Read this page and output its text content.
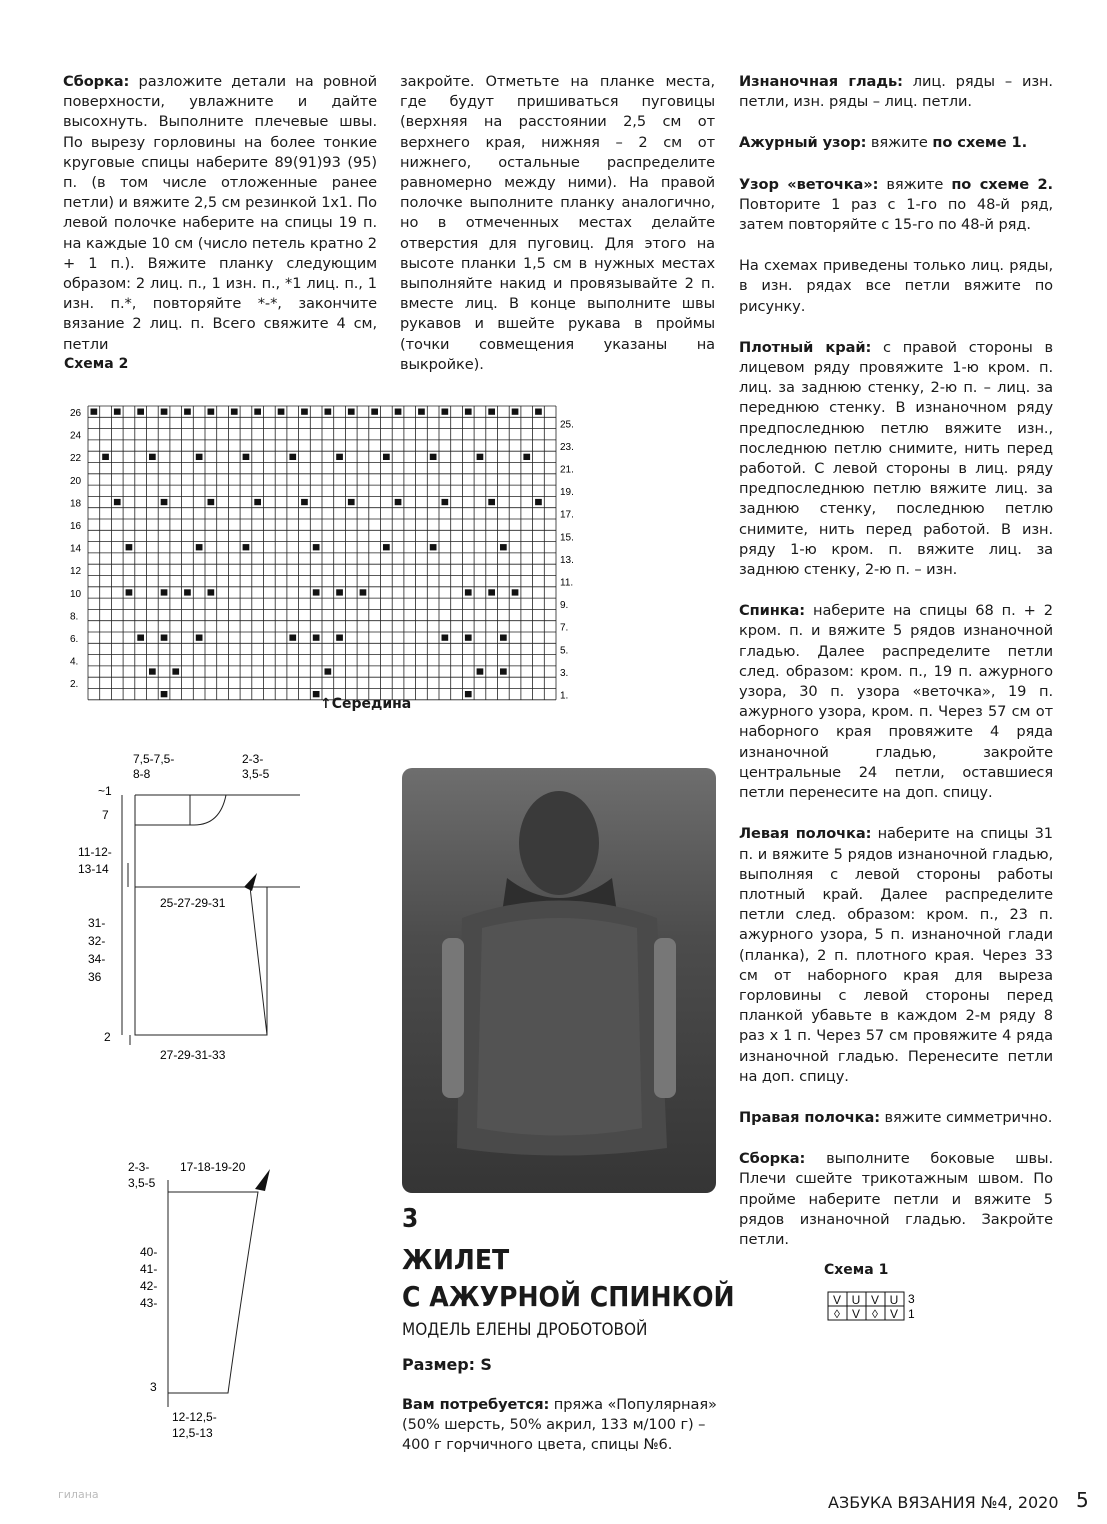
Сборка: разложите детали на ровной поверхности, увлажните и дайте высохнуть. Выполните плечевые швы. По вырезу горловины на более тонкие круговые спицы наберите 89(91)93 (95) п. (в том числе отложенные ранее петли) и вяжите 2,5 см резинкой 1х1. По левой полочке наберите на спицы 19 п. на каждые 10 см (число петель кратно 2 + 1 п.). Вяжите планку следующим образом: 2 лиц. п., 1 изн. п., *1 лиц. п., 1 изн. п.*, повторяйте *-*, закончите вязание 2 лиц. п. Всего свяжите 4 см, петли

закройте. Отметьте на планке места, где будут пришиваться пуговицы (верхняя на расстоянии 2,5 см от верхнего края, нижняя – 2 см от нижнего, остальные распределите равномерно между ними). На правой полочке выполните планку аналогично, но в отмеченных местах делайте отверстия для пуговиц. Для этого на высоте планки 1,5 см в нужных местах выполняйте накид и провязывайте 2 п. вместе лиц. В конце выполните швы рукавов и вшейте рукава в проймы (точки совмещения указаны на выкройке).

Изнаночная гладь: лиц. ряды – изн. петли, изн. ряды – лиц. петли.

Ажурный узор: вяжите по схеме 1.

Узор «веточка»: вяжите по схеме 2. Повторите 1 раз с 1-го по 48-й ряд, затем повторяйте с 15-го по 48-й ряд.

На схемах приведены только лиц. ряды, в изн. рядах все петли вяжите по рисунку.

Плотный край: с правой стороны в лицевом ряду провяжите 1-ю кром. п. лиц. за заднюю стенку, 2-ю п. – лиц. за переднюю стенку. В изнаночном ряду предпоследнюю петлю вяжите изн., последнюю петлю снимите, нить перед работой. С левой стороны в лиц. ряду предпоследнюю петлю вяжите лиц. за заднюю стенку, последнюю петлю снимите, нить перед работой. В изн. ряду 1-ю кром. п. вяжите лиц. за заднюю стенку, 2-ю п. – изн.

Спинка: наберите на спицы 68 п. + 2 кром. п. и вяжите 5 рядов изнаночной гладью. Далее распределите петли след. образом: кром. п., 19 п. ажурного узора, 30 п. узора «веточка», 19 п. ажурного узора, кром. п. Через 57 см от наборного края провяжите 4 ряда изнаночной гладью, закройте центральные 24 петли, оставшиеся петли перенесите на доп. спицу.

Левая полочка: наберите на спицы 31 п. и вяжите 5 рядов изнаночной гладью, выполняя с левой стороны работы плотный край. Далее распределите петли след. образом: кром. п., 23 п. ажурного узора, 5 п. изнаночной глади (планка), 2 п. плотного края. Через 33 см от наборного края для выреза горловины с левой стороны перед планкой убавьте в каждом 2-м ряду 8 раз х 1 п. Через 57 см провяжите 4 ряда изнаночной гладью. Перенесите петли на доп. спицу.

Правая полочка: вяжите симметрично.

Сборка: выполните боковые швы. Плечи сшейте трикотажным швом. По пройме наберите петли и вяжите 5 рядов изнаночной гладью. Закройте петли.

Схема 2
26
24
22
20
18
16
14
12
10
8.
6.
4.
2.
25.
23.
21.
19.
17.
15.
13.
11.
9.
7.
5.
3.
1.
↑Середина
7,5-7,5-
8-8
2-3-
3,5-5
~1
7
11-12-
13-14
25-27-29-31
31-
32-
34-
36
2
27-29-31-33
2-3-
3,5-5
17-18-19-20
40-
41-
42-
43-
3
12-12,5-
12,5-13
3
ЖИЛЕТ
С АЖУРНОЙ СПИНКОЙ
МОДЕЛЬ ЕЛЕНЫ ДРОБОТОВОЙ
Размер: S
Вам потребуется: пряжа «Популярная» (50% шерсть, 50% акрил, 133 м/100 г) – 400 г горчичного цвета, спицы №6.
Схема 1
V U V U
◊ V ◊ V
3
1
гилана	АЗБУКА ВЯЗАНИЯ №4, 2020 5
